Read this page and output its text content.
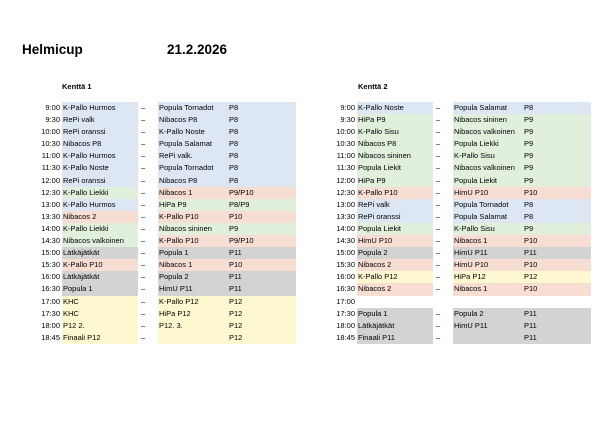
Helmicup	21.2.2026
Kenttä 1	Kenttä 2
9:00 K-Pallo Hurmos	–	Popula Tornadot	P8
9:30 RePi valk	–	Nibacos P8	P8
10:00 RePi oranssi	–	K-Pallo Noste	P8
10:30 Nibacos P8	–	Popula Salamat	P8
11:00 K-Pallo Hurmos	–	RePi valk.	P8
11:30 K-Pallo Noste	–	Popula Tornadot	P8
12:00 RePi oranssi	–	Nibacos P8	P8
12:30 K-Pallo Liekki	–	Nibacos 1	P9/P10
13:00 K-Pallo Hurmos	–	HiPa P9	P8/P9
13:30 Nibacos 2	–	K-Pallo P10	P10
14:00 K-Pallo Liekki	–	Nibacos sininen	P9
14:30 Nibacos valkoinen	–	K-Pallo P10	P9/P10
15:00 Lätkäjätkät	–	Popula 1	P11
15:30 K-Pallo P10	–	Nibacos 1	P10
16:00 Lätkäjätkät	–	Popula 2	P11
16:30 Popula 1	–	HimU P11	P11
17:00 KHC	–	K-Pallo P12	P12
17:30 KHC	–	HiPa P12	P12
18:00 P12 2.	–	P12. 3.	P12
18:45 Finaali P12	–	P12
9:00 K-Pallo Noste	–	Popula Salamat	P8
9:30 HiPa P9	–	Nibacos sininen	P9
10:00 K-Pallo Sisu	–	Nibacos valkoinen	P9
10:30 Nibacos P8	–	Popula Liekki	P9
11:00 Nibacos sininen	–	K-Pallo Sisu	P9
11:30 Popula Liekit	–	Nibacos valkoinen	P9
12:00 HiPa P9	–	Popula Liekit	P9
12:30 K-Pallo P10	–	HimU P10	P10
13:00 RePi valk	–	Popula Tornadot	P8
13:30 RePi oranssi	–	Popula Salamat	P8
14:00 Popula Liekit	–	K-Pallo Sisu	P9
14:30 HimU P10	–	Nibacos 1	P10
15:00 Popula 2	–	HimU P11	P11
15:30 Nibacos 2	–	HimU P10	P10
16:00 K-Pallo P12	–	HiPa P12	P12
16:30 Nibacos 2	–	Nibacos 1	P10
17:00
17:30 Popula 1	–	Popula 2	P11
18:00 Lätkäjätkät	–	HimU P11	P11
18:45 Finaali P11	–	P11
